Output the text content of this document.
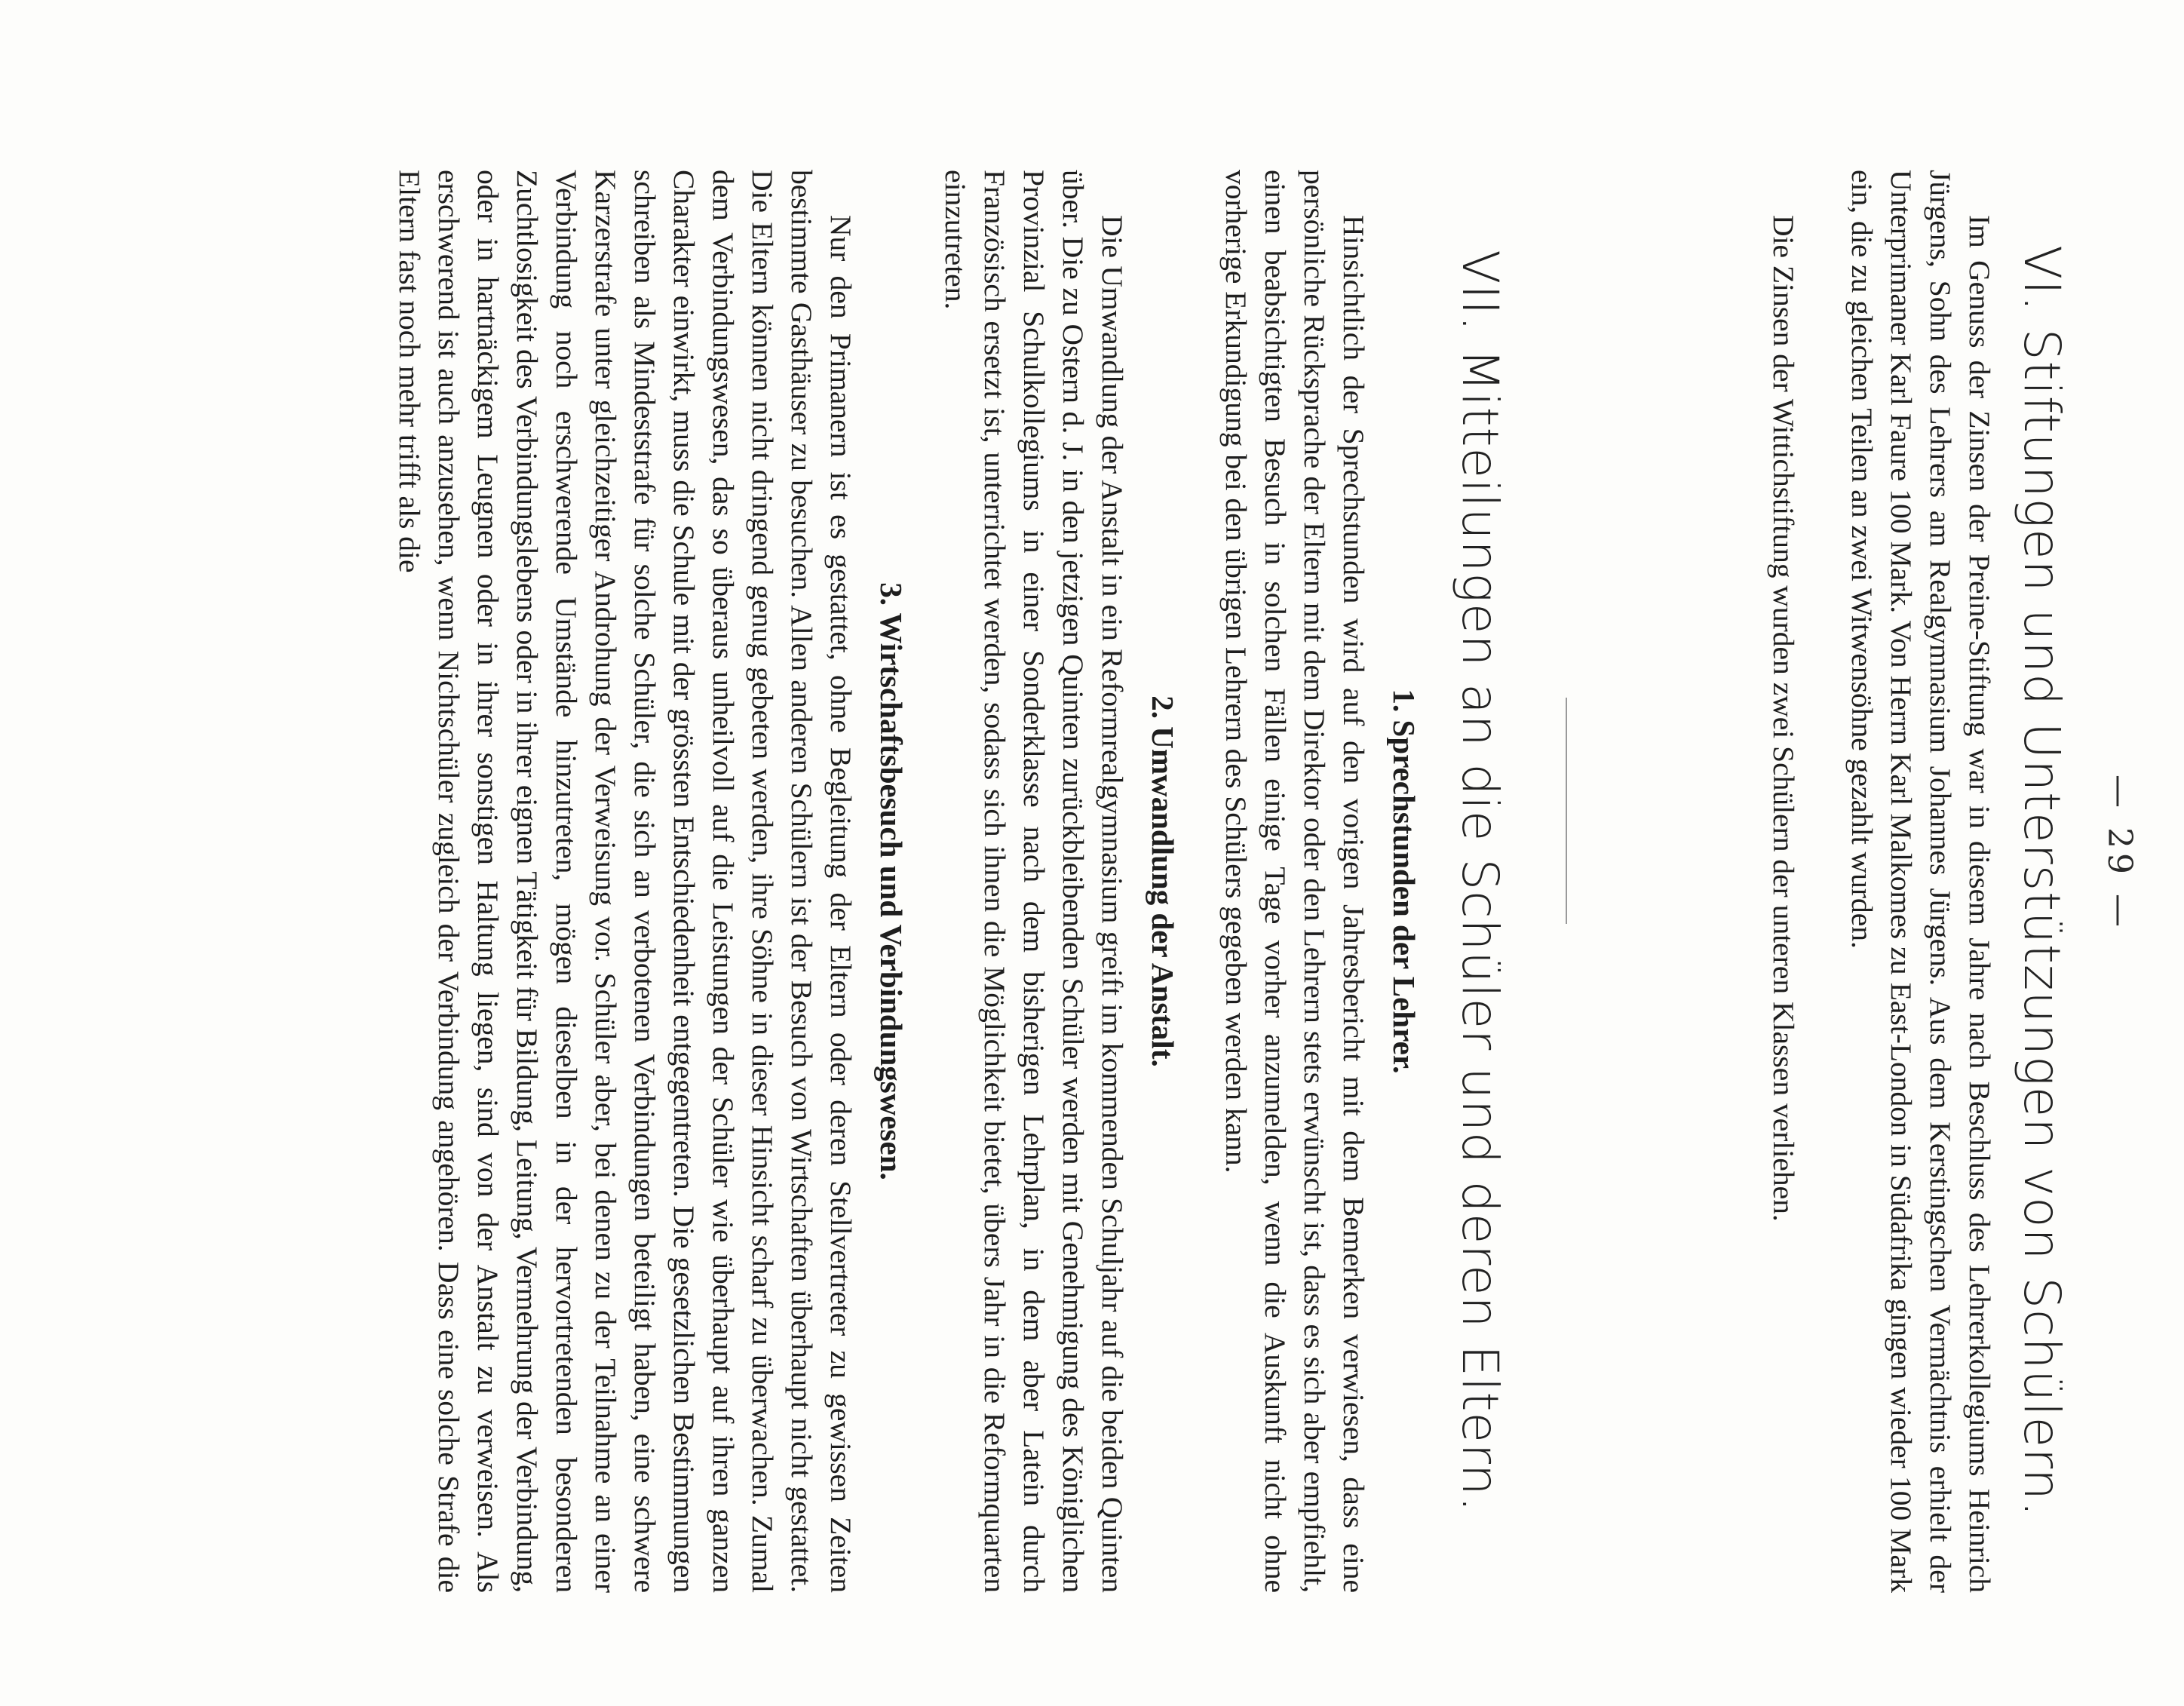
— 29 —
VI. Stiftungen und Unterstützungen von Schülern.

Im Genuss der Zinsen der Preine-Stiftung war in diesem Jahre nach Beschluss des Lehrerkollegiums Heinrich Jürgens, Sohn des Lehrers am Realgymnasium Johannes Jürgens. Aus dem Kerstingschen Vermächtnis erhielt der Unterprimaner Karl Faure 100 Mark. Von Herrn Karl Malkomes zu East-London in Südafrika gingen wieder 100 Mark ein, die zu gleichen Teilen an zwei Witwensöhne gezahlt wurden.

Die Zinsen der Wittichstiftung wurden zwei Schülern der unteren Klassen verliehen.

VII. Mitteilungen an die Schüler und deren Eltern.
1. Sprechstunden der Lehrer.

Hinsichtlich der Sprechstunden wird auf den vorigen Jahresbericht mit dem Bemerken verwiesen, dass eine persönliche Rücksprache der Eltern mit dem Direktor oder den Lehrern stets erwünscht ist, dass es sich aber empfiehlt, einen beabsichtigten Besuch in solchen Fällen einige Tage vorher anzumelden, wenn die Auskunft nicht ohne vorherige Erkundigung bei den übrigen Lehrern des Schülers gegeben werden kann.

2. Umwandlung der Anstalt.

Die Umwandlung der Anstalt in ein Reformrealgymnasium greift im kommenden Schuljahr auf die beiden Quinten über. Die zu Ostern d. J. in den jetzigen Quinten zurückbleibenden Schüler werden mit Genehmigung des Königlichen Provinzial Schulkollegiums in einer Sonderklasse nach dem bisherigen Lehrplan, in dem aber Latein durch Französisch ersetzt ist, unterrichtet werden, sodass sich ihnen die Möglichkeit bietet, übers Jahr in die Reformquarten einzutreten.

3. Wirtschaftsbesuch und Verbindungswesen.

Nur den Primanern ist es gestattet, ohne Begleitung der Eltern oder deren Stellvertreter zu gewissen Zeiten bestimmte Gasthäuser zu besuchen. Allen anderen Schülern ist der Besuch von Wirtschaften überhaupt nicht gestattet. Die Eltern können nicht dringend genug gebeten werden, ihre Söhne in dieser Hinsicht scharf zu überwachen. Zumal dem Verbindungswesen, das so überaus unheilvoll auf die Leistungen der Schüler wie überhaupt auf ihren ganzen Charakter einwirkt, muss die Schule mit der grössten Entschiedenheit entgegentreten. Die gesetzlichen Bestimmungen schreiben als Mindeststrafe für solche Schüler, die sich an verbotenen Verbindungen beteiligt haben, eine schwere Karzerstrafe unter gleichzeitiger Androhung der Verweisung vor. Schüler aber, bei denen zu der Teilnahme an einer Verbindung noch erschwerende Umstände hinzutreten, mögen dieselben in der hervortretenden besonderen Zuchtlosigkeit des Verbindungslebens oder in ihrer eignen Tätigkeit für Bildung, Leitung, Vermehrung der Verbindung, oder in hartnäckigem Leugnen oder in ihrer sonstigen Haltung liegen, sind von der Anstalt zu verweisen. Als erschwerend ist auch anzusehen, wenn Nichtschüler zugleich der Verbindung angehören. Dass eine solche Strafe die Eltern fast noch mehr trifft als die
